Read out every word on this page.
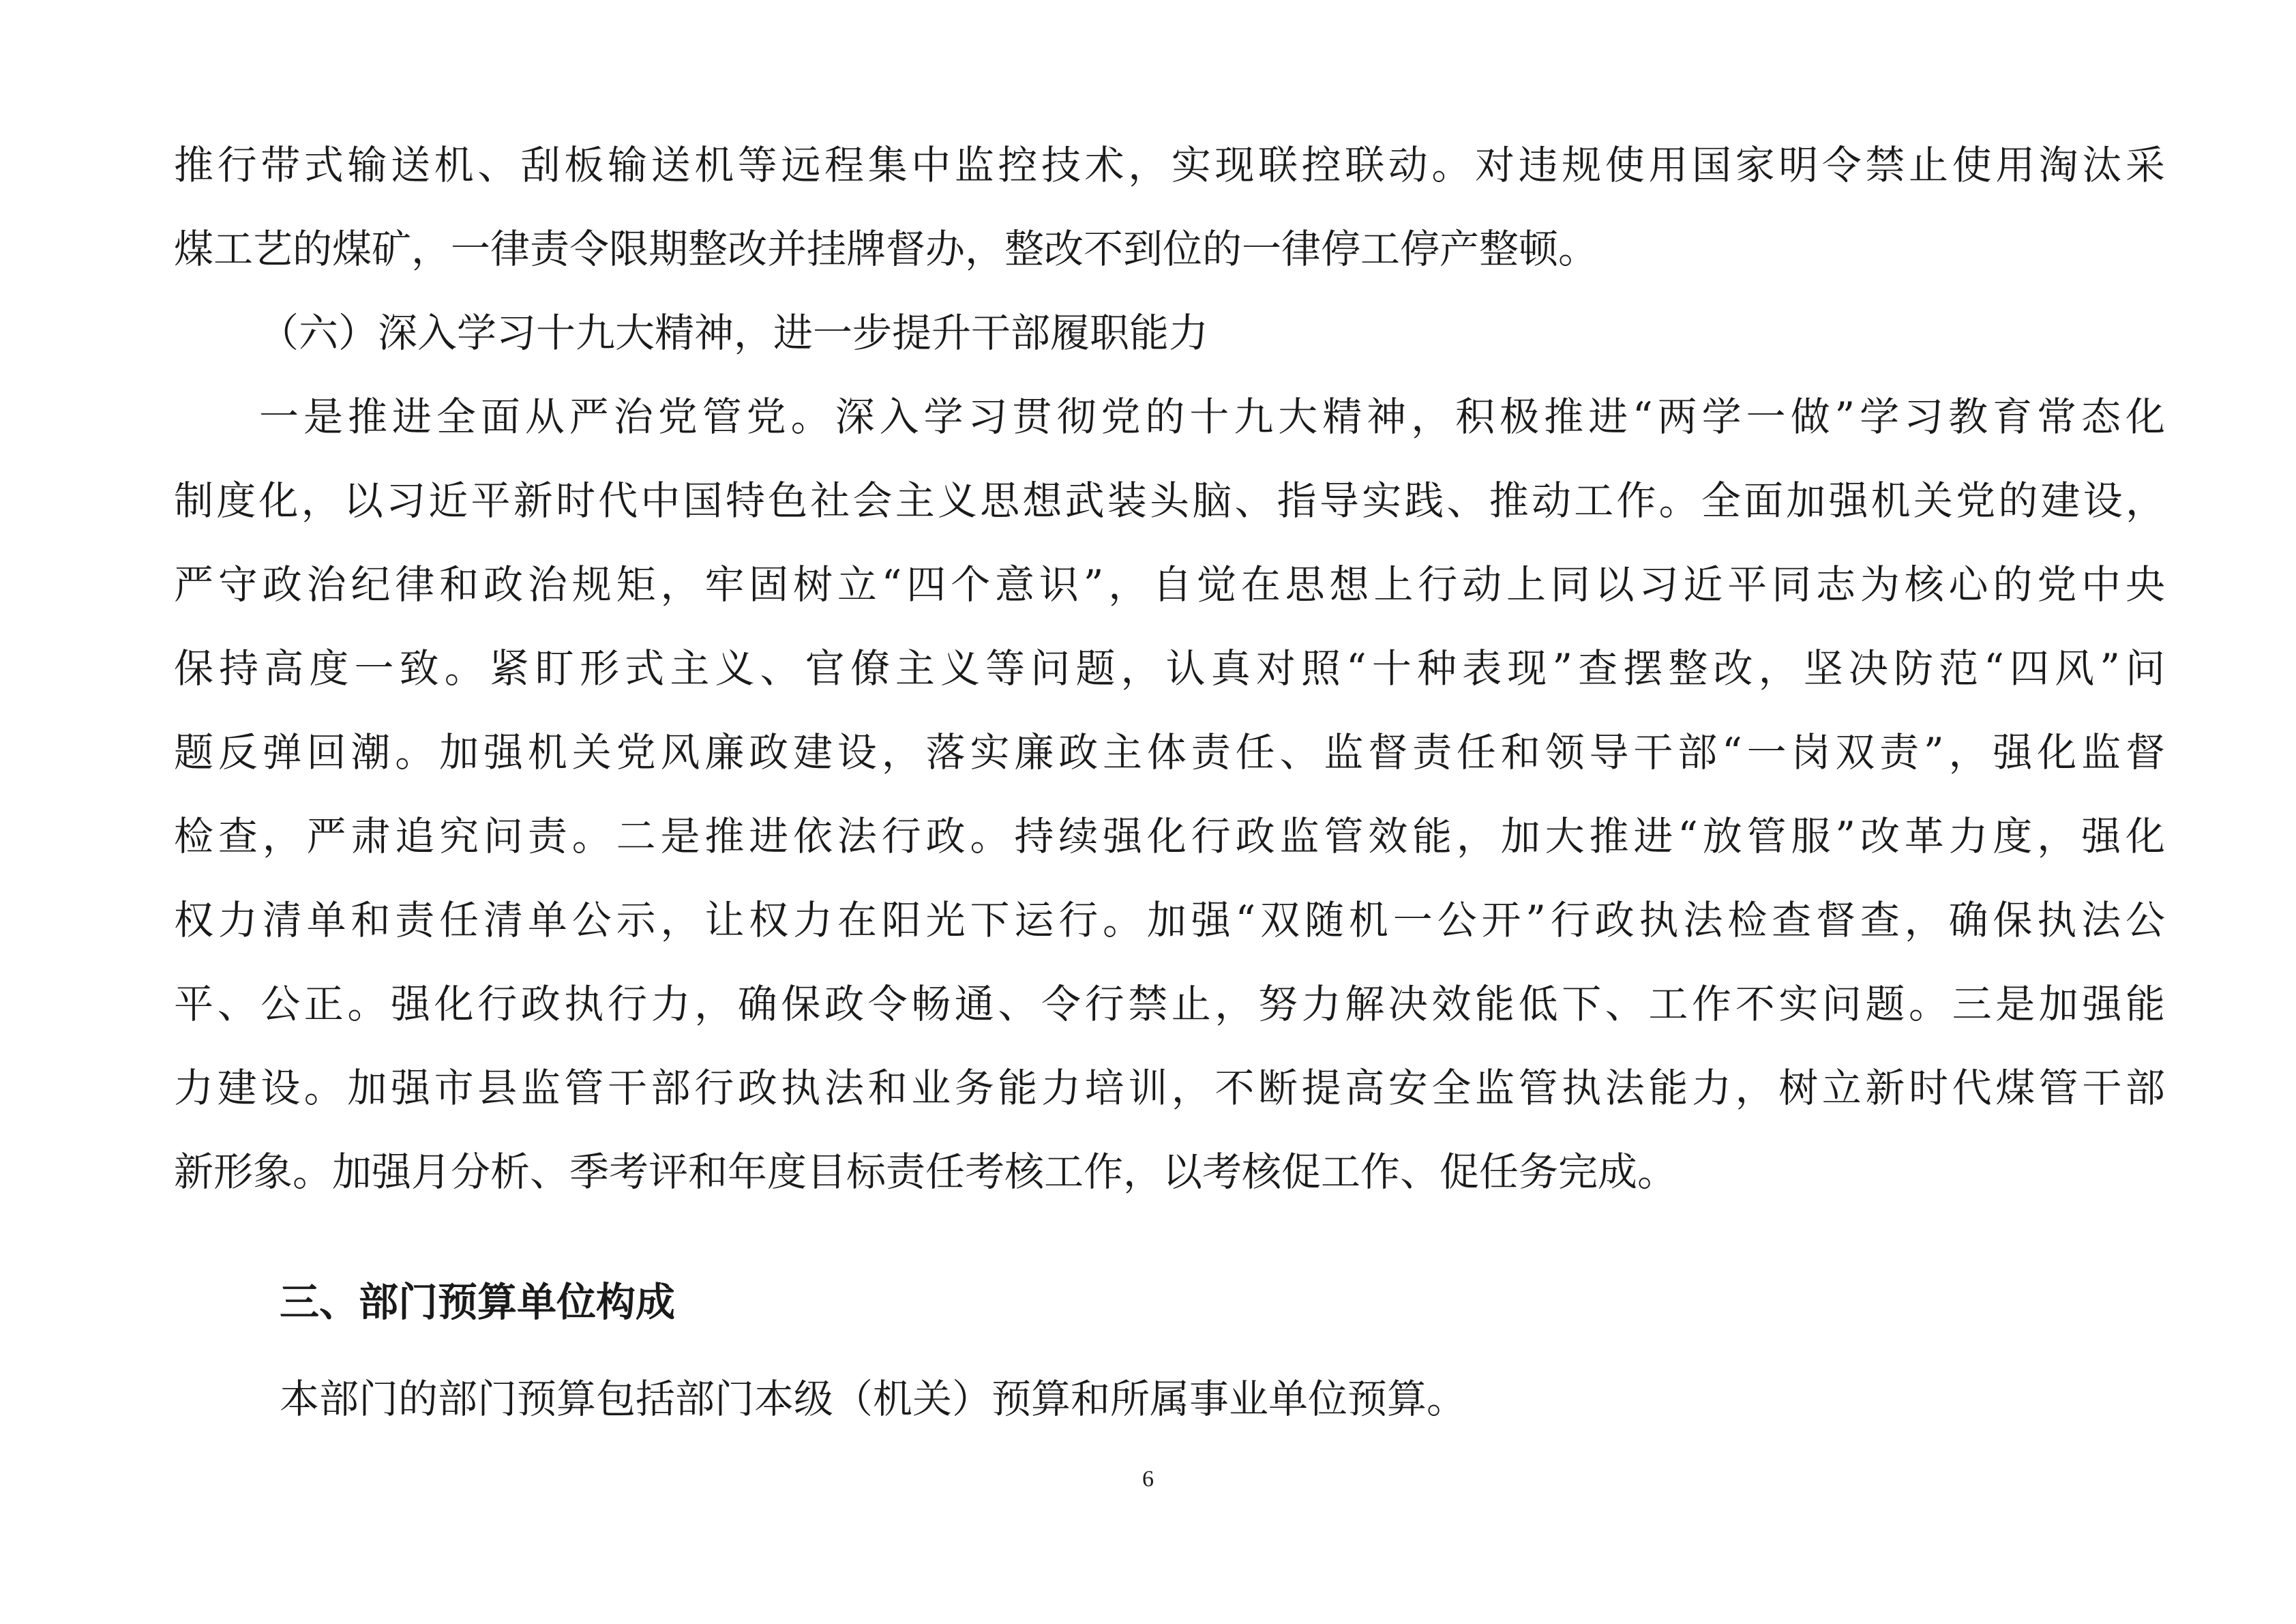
推行带式输送机、刮板输送机等远程集中监控技术，实现联控联动。对违规使用国家明令禁止使用淘汰采
煤工艺的煤矿，一律责令限期整改并挂牌督办，整改不到位的一律停工停产整顿。
（六）深入学习十九大精神，进一步提升干部履职能力
一是推进全面从严治党管党。深入学习贯彻党的十九大精神，积极推进“两学一做”学习教育常态化
制度化，以习近平新时代中国特色社会主义思想武装头脑、指导实践、推动工作。全面加强机关党的建设，
严守政治纪律和政治规矩，牢固树立“四个意识”，自觉在思想上行动上同以习近平同志为核心的党中央
保持高度一致。紧盯形式主义、官僚主义等问题，认真对照“十种表现”查摆整改，坚决防范“四风”问
题反弹回潮。加强机关党风廉政建设，落实廉政主体责任、监督责任和领导干部“一岗双责”，强化监督
检查，严肃追究问责。二是推进依法行政。持续强化行政监管效能，加大推进“放管服”改革力度，强化
权力清单和责任清单公示，让权力在阳光下运行。加强“双随机一公开”行政执法检查督查，确保执法公
平、公正。强化行政执行力，确保政令畅通、令行禁止，努力解决效能低下、工作不实问题。三是加强能
力建设。加强市县监管干部行政执法和业务能力培训，不断提高安全监管执法能力，树立新时代煤管干部
新形象。加强月分析、季考评和年度目标责任考核工作，以考核促工作、促任务完成。
三、部门预算单位构成
本部门的部门预算包括部门本级（机关）预算和所属事业单位预算。
6
